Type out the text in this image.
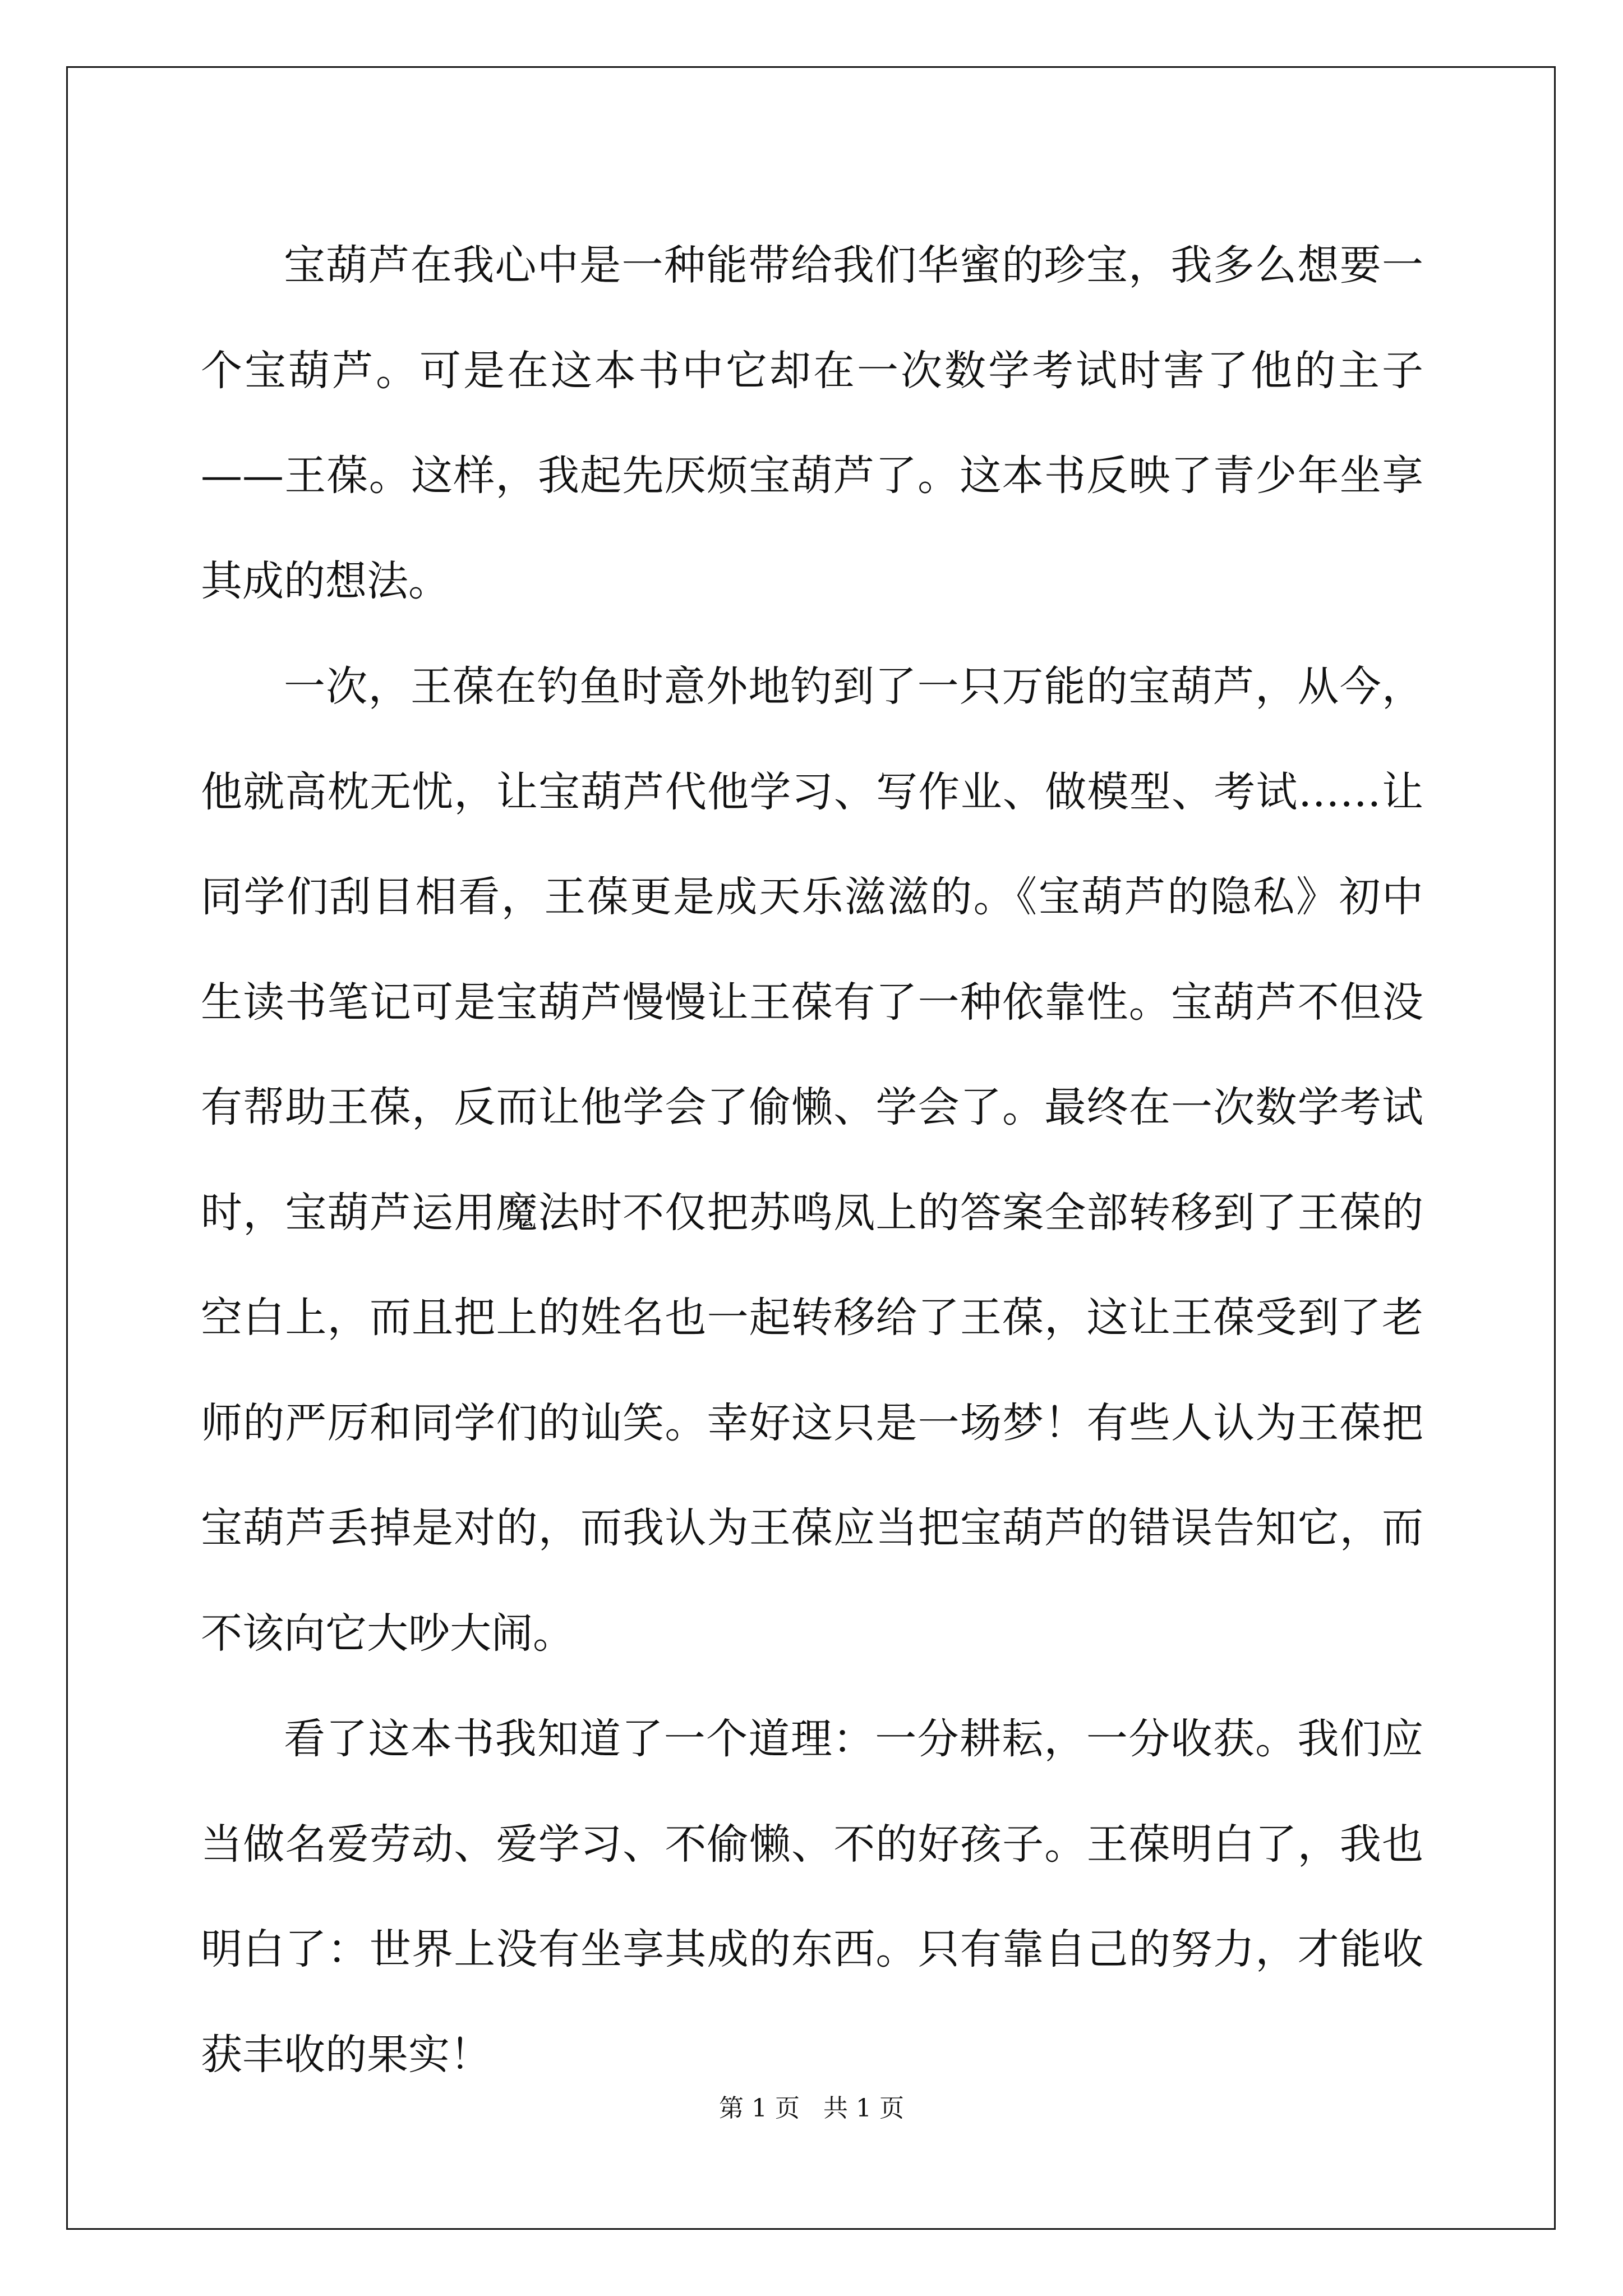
宝葫芦在我心中是一种能带给我们华蜜的珍宝，我多么想要一个宝葫芦。可是在这本书中它却在一次数学考试时害了他的主子——王葆。这样，我起先厌烦宝葫芦了。这本书反映了青少年坐享其成的想法。

一次，王葆在钓鱼时意外地钓到了一只万能的宝葫芦，从今，他就高枕无忧，让宝葫芦代他学习、写作业、做模型、考试……让同学们刮目相看，王葆更是成天乐滋滋的。《宝葫芦的隐私》初中生读书笔记可是宝葫芦慢慢让王葆有了一种依靠性。宝葫芦不但没有帮助王葆，反而让他学会了偷懒、学会了。最终在一次数学考试时，宝葫芦运用魔法时不仅把苏鸣凤上的答案全部转移到了王葆的空白上，而且把上的姓名也一起转移给了王葆，这让王葆受到了老师的严厉和同学们的讪笑。幸好这只是一场梦！有些人认为王葆把宝葫芦丢掉是对的，而我认为王葆应当把宝葫芦的错误告知它，而不该向它大吵大闹。

看了这本书我知道了一个道理：一分耕耘，一分收获。我们应当做名爱劳动、爱学习、不偷懒、不的好孩子。王葆明白了，我也明白了：世界上没有坐享其成的东西。只有靠自己的努力，才能收获丰收的果实！

第 1 页   共 1 页
